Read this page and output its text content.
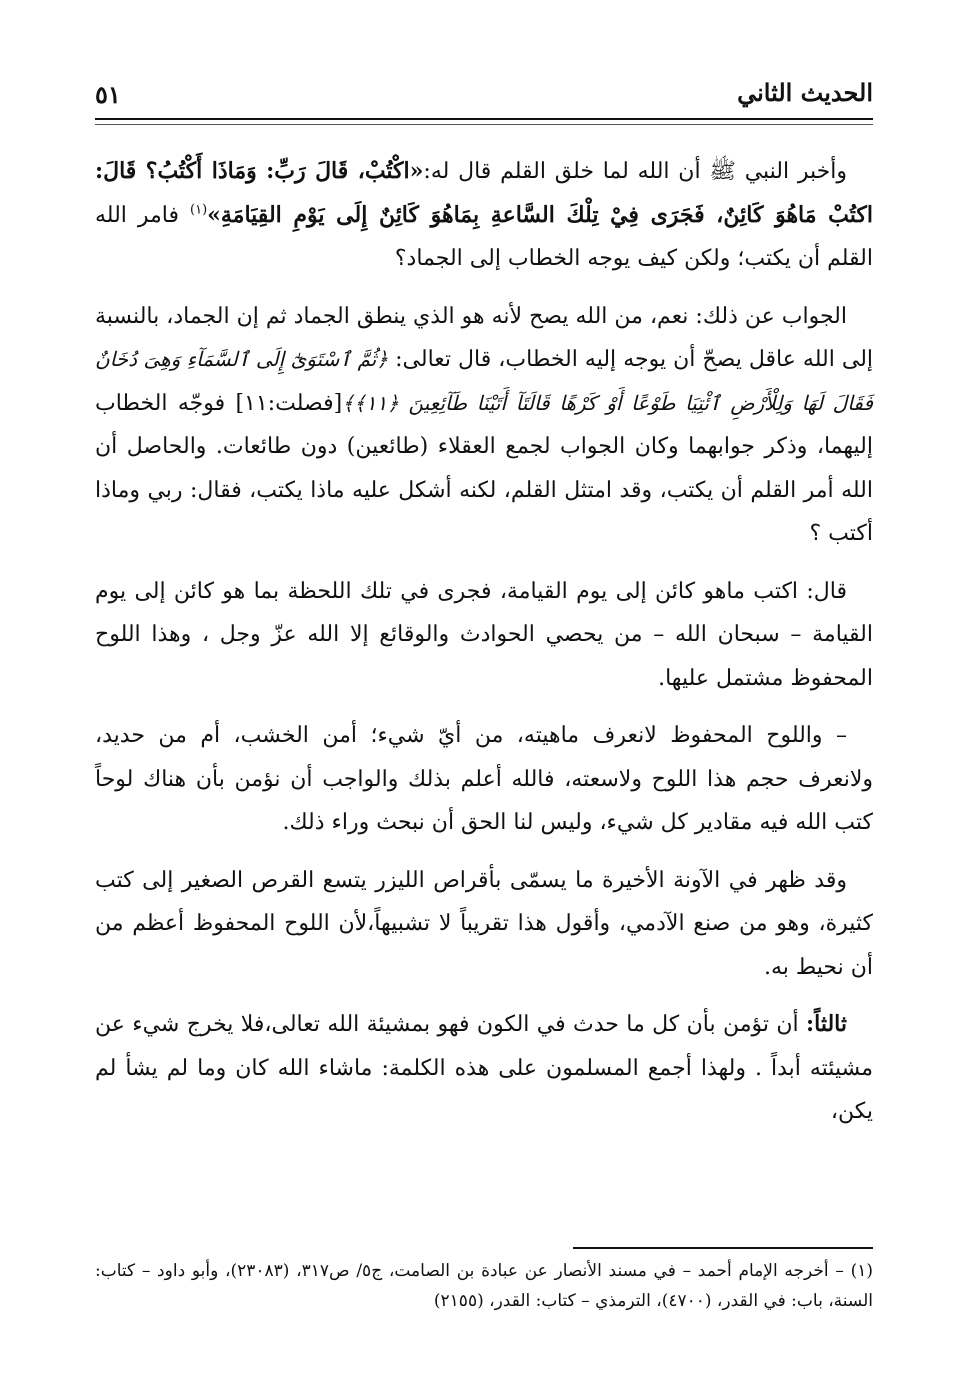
الحديث الثاني
٥١

وأخبر النبي ﷺ أن الله لما خلق القلم قال له:«اكْتُبْ، قَالَ رَبِّ: وَمَاذَا أَكْتُبُ؟ قَالَ: اكتُبْ مَاهُوَ كَائِنٌ، فَجَرَى فِيْ تِلْكَ السَّاعةِ بِمَاهُوَ كَائِنٌ إِلَى يَوْمِ القِيَامَةِ»$^{(١)}$ فامر الله القلم أن يكتب؛ ولكن كيف يوجه الخطاب إلى الجماد؟

الجواب عن ذلك: نعم، من الله يصح لأنه هو الذي ينطق الجماد ثم إن الجماد، بالنسبة إلى الله عاقل يصحّ أن يوجه إليه الخطاب، قال تعالى: ﴿ثُمَّ ٱسْتَوَىٰٓ إِلَى ٱلسَّمَآءِ وَهِىَ دُخَانٌ فَقَالَ لَهَا وَلِلْأَرْضِ ٱئْتِيَا طَوْعًا أَوْ كَرْهًا قَالَتَآ أَتَيْنَا طَآئِعِينَ ﴿١١﴾﴾[فصلت:١١] فوجّه الخطاب إليهما، وذكر جوابهما وكان الجواب لجمع العقلاء (طائعين) دون طائعات. والحاصل أن الله أمر القلم أن يكتب، وقد امتثل القلم، لكنه أشكل عليه ماذا يكتب، فقال: ربي وماذا أكتب ؟

قال: اكتب ماهو كائن إلى يوم القيامة، فجرى في تلك اللحظة بما هو كائن إلى يوم القيامة – سبحان الله – من يحصي الحوادث والوقائع إلا الله عزّ وجل ، وهذا اللوح المحفوظ مشتمل عليها.

– واللوح المحفوظ لانعرف ماهيته، من أيّ شيء؛ أمن الخشب، أم من حديد، ولانعرف حجم هذا اللوح ولاسعته، فالله أعلم بذلك والواجب أن نؤمن بأن هناك لوحاً كتب الله فيه مقادير كل شيء، وليس لنا الحق أن نبحث وراء ذلك.

وقد ظهر في الآونة الأخيرة ما يسمّى بأقراص الليزر يتسع القرص الصغير إلى كتب كثيرة، وهو من صنع الآدمي، وأقول هذا تقريباً لا تشبيهاً،لأن اللوح المحفوظ أعظم من أن نحيط به.

ثالثاً: أن تؤمن بأن كل ما حدث في الكون فهو بمشيئة الله تعالى،فلا يخرج شيء عن مشيئته أبداً . ولهذا أجمع المسلمون على هذه الكلمة: ماشاء الله كان وما لم يشأ لم يكن،

(١) – أخرجه الإمام أحمد – في مسند الأنصار عن عبادة بن الصامت، ج٥/ ص٣١٧، (٢٣٠٨٣)، وأبو داود – كتاب: السنة، باب: في القدر، (٤٧٠٠)، الترمذي – كتاب: القدر، (٢١٥٥)
